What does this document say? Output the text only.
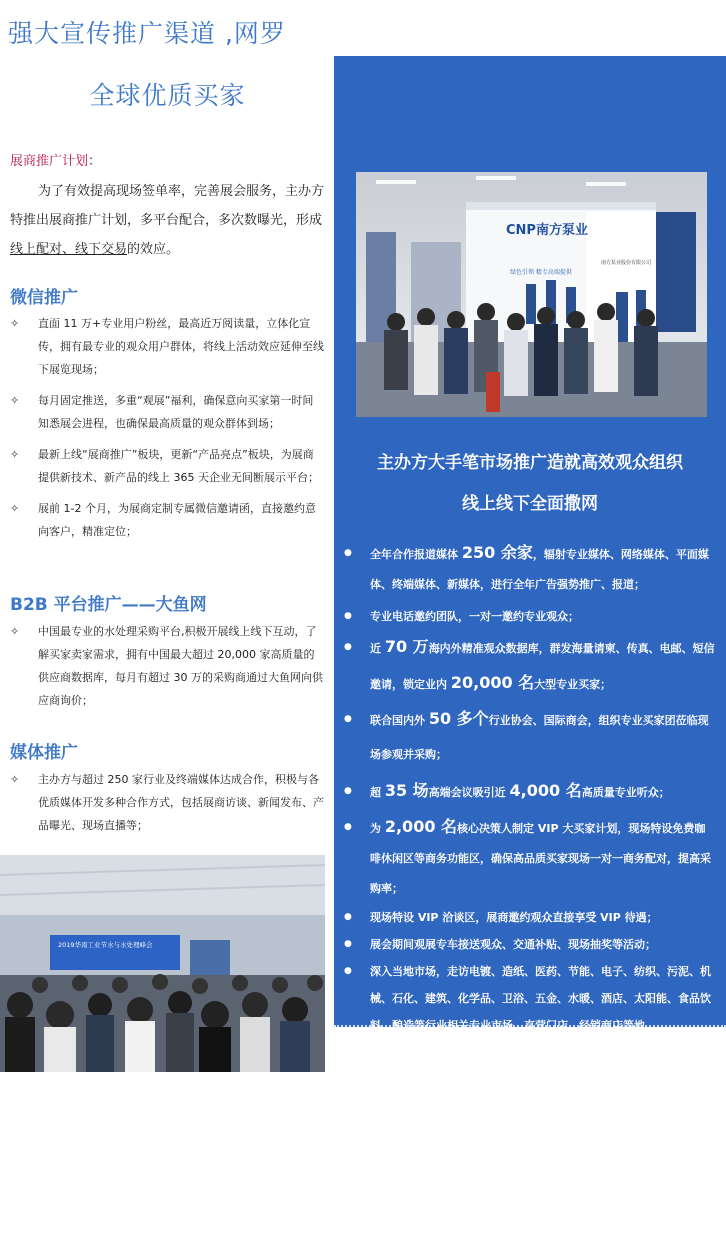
强大宣传推广渠道 ,网罗
全球优质买家
CNP南方泵业
绿色引领 精专高端提供
南方泵业股份有限公司
主办方大手笔市场推广造就高效观众组织
线上线下全面撒网
● 全年合作报道媒体 250 余家，辐射专业媒体、网络媒体、平面媒体、终端媒体、新媒体，进行全年广告强势推广、报道；
● 专业电话邀约团队，一对一邀约专业观众；
● 近 70 万海内外精准观众数据库，群发海量请柬、传真、电邮、短信邀请，锁定业内 20,000 名大型专业买家；
● 联合国内外 50 多个行业协会、国际商会，组织专业买家团莅临现场参观并采购；
● 超 35 场高端会议吸引近 4,000 名高质量专业听众；
● 为 2,000 名核心决策人制定 VIP 大买家计划，现场特设免费咖啡休闲区等商务功能区，确保高品质买家现场一对一商务配对，提高采购率；
● 现场特设 VIP 洽谈区，展商邀约观众直接享受 VIP 待遇；
● 展会期间观展专车接送观众、交通补贴、现场抽奖等活动；
● 深入当地市场，走访电镀、造纸、医药、节能、电子、纺织、污泥、机械、石化、建筑、化学品、卫浴、五金、水暖、酒店、太阳能、食品饮料、酿造等行业相关专业市场、直营门店、经销商店等地，
展商推广计划：
为了有效提高现场签单率，完善展会服务，主办方特推出展商推广计划，多平台配合，多次数曝光，形成线上配对、线下交易的效应。
微信推广
✧ 直面 11 万+专业用户粉丝，最高近万阅读量，立体化宣传，拥有最专业的观众用户群体，将线上活动效应延伸至线下展览现场；
✧ 每月固定推送，多重“观展”福利，确保意向买家第一时间知悉展会进程，也确保最高质量的观众群体到场；
✧ 最新上线“展商推广”板块，更新“产品亮点”板块，为展商提供新技术、新产品的线上 365 天企业无间断展示平台；
✧ 展前 1-2 个月，为展商定制专属微信邀请函，直接邀约意向客户，精准定位；
B2B 平台推广——大鱼网
✧ 中国最专业的水处理采购平台,积极开展线上线下互动，了解买家卖家需求，拥有中国最大超过 20,000 家高质量的供应商数据库，每月有超过 30 万的采购商通过大鱼网向供应商询价；
媒体推广
✧ 主办方与超过 250 家行业及终端媒体达成合作，积极与各优质媒体开发多种合作方式，包括展商访谈、新闻发布、产品曝光、现场直播等；
2019华南工业节水与水处理峰会
